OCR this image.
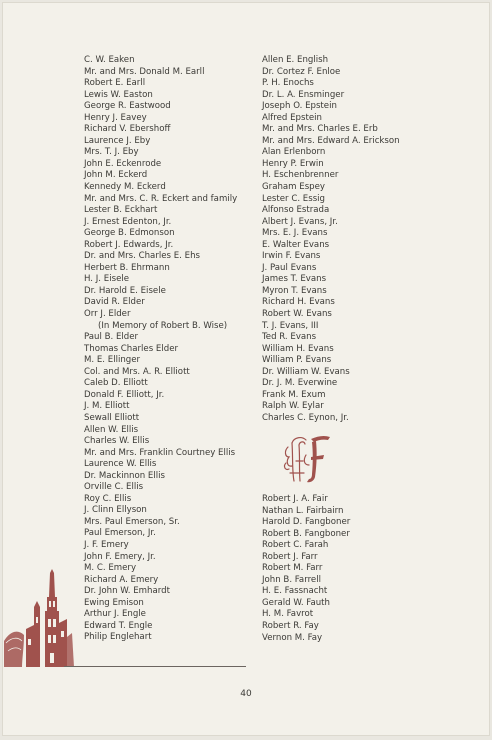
C. W. Eaken
Mr. and Mrs. Donald M. Earll
Robert E. Earll
Lewis W. Easton
George R. Eastwood
Henry J. Eavey
Richard V. Ebershoff
Laurence J. Eby
Mrs. T. J. Eby
John E. Eckenrode
John M. Eckerd
Kennedy M. Eckerd
Mr. and Mrs. C. R. Eckert and family
Lester B. Eckhart
J. Ernest Edenton, Jr.
George B. Edmonson
Robert J. Edwards, Jr.
Dr. and Mrs. Charles E. Ehs
Herbert B. Ehrmann
H. J. Eisele
Dr. Harold E. Eisele
David R. Elder
Orr J. Elder
(In Memory of Robert B. Wise)
Paul B. Elder
Thomas Charles Elder
M. E. Ellinger
Col. and Mrs. A. R. Elliott
Caleb D. Elliott
Donald F. Elliott, Jr.
J. M. Elliott
Sewall Elliott
Allen W. Ellis
Charles W. Ellis
Mr. and Mrs. Franklin Courtney Ellis
Laurence W. Ellis
Dr. Mackinnon Ellis
Orville C. Ellis
Roy C. Ellis
J. Clinn Ellyson
Mrs. Paul Emerson, Sr.
Paul Emerson, Jr.
J. F. Emery
John F. Emery, Jr.
M. C. Emery
Richard A. Emery
Dr. John W. Emhardt
Ewing Emison
Arthur J. Engle
Edward T. Engle
Philip Englehart
Allen E. English
Dr. Cortez F. Enloe
P. H. Enochs
Dr. L. A. Ensminger
Joseph O. Epstein
Alfred Epstein
Mr. and Mrs. Charles E. Erb
Mr. and Mrs. Edward A. Erickson
Alan Erlenborn
Henry P. Erwin
H. Eschenbrenner
Graham Espey
Lester C. Essig
Alfonso Estrada
Albert J. Evans, Jr.
Mrs. E. J. Evans
E. Walter Evans
Irwin F. Evans
J. Paul Evans
James T. Evans
Myron T. Evans
Richard H. Evans
Robert W. Evans
T. J. Evans, III
Ted R. Evans
William H. Evans
William P. Evans
Dr. William W. Evans
Dr. J. M. Everwine
Frank M. Exum
Ralph W. Eylar
Charles C. Eynon, Jr.
Robert J. A. Fair
Nathan L. Fairbairn
Harold D. Fangboner
Robert B. Fangboner
Robert C. Farah
Robert J. Farr
Robert M. Farr
John B. Farrell
H. E. Fassnacht
Gerald W. Fauth
H. M. Favrot
Robert R. Fay
Vernon M. Fay
40
